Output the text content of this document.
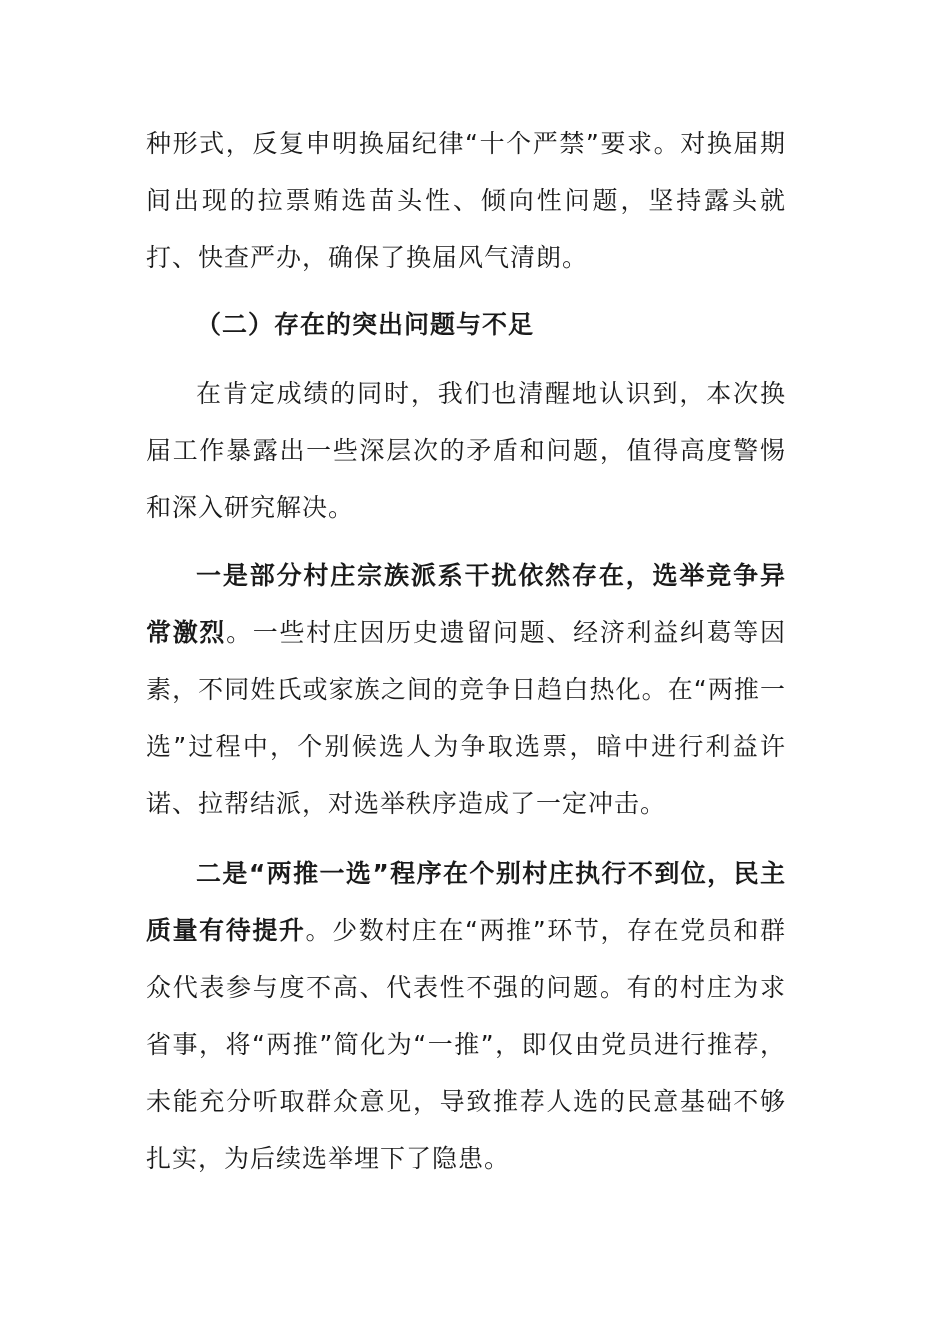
种形式，反复申明换届纪律“十个严禁”要求。对换届期间出现的拉票贿选苗头性、倾向性问题，坚持露头就打、快查严办，确保了换届风气清朗。
（二）存在的突出问题与不足
在肯定成绩的同时，我们也清醒地认识到，本次换届工作暴露出一些深层次的矛盾和问题，值得高度警惕和深入研究解决。
一是部分村庄宗族派系干扰依然存在，选举竞争异常激烈。一些村庄因历史遗留问题、经济利益纠葛等因素，不同姓氏或家族之间的竞争日趋白热化。在“两推一选”过程中，个别候选人为争取选票，暗中进行利益许诺、拉帮结派，对选举秩序造成了一定冲击。
二是“两推一选”程序在个别村庄执行不到位，民主质量有待提升。少数村庄在“两推”环节，存在党员和群众代表参与度不高、代表性不强的问题。有的村庄为求省事，将“两推”简化为“一推”，即仅由党员进行推荐，未能充分听取群众意见，导致推荐人选的民意基础不够扎实，为后续选举埋下了隐患。
